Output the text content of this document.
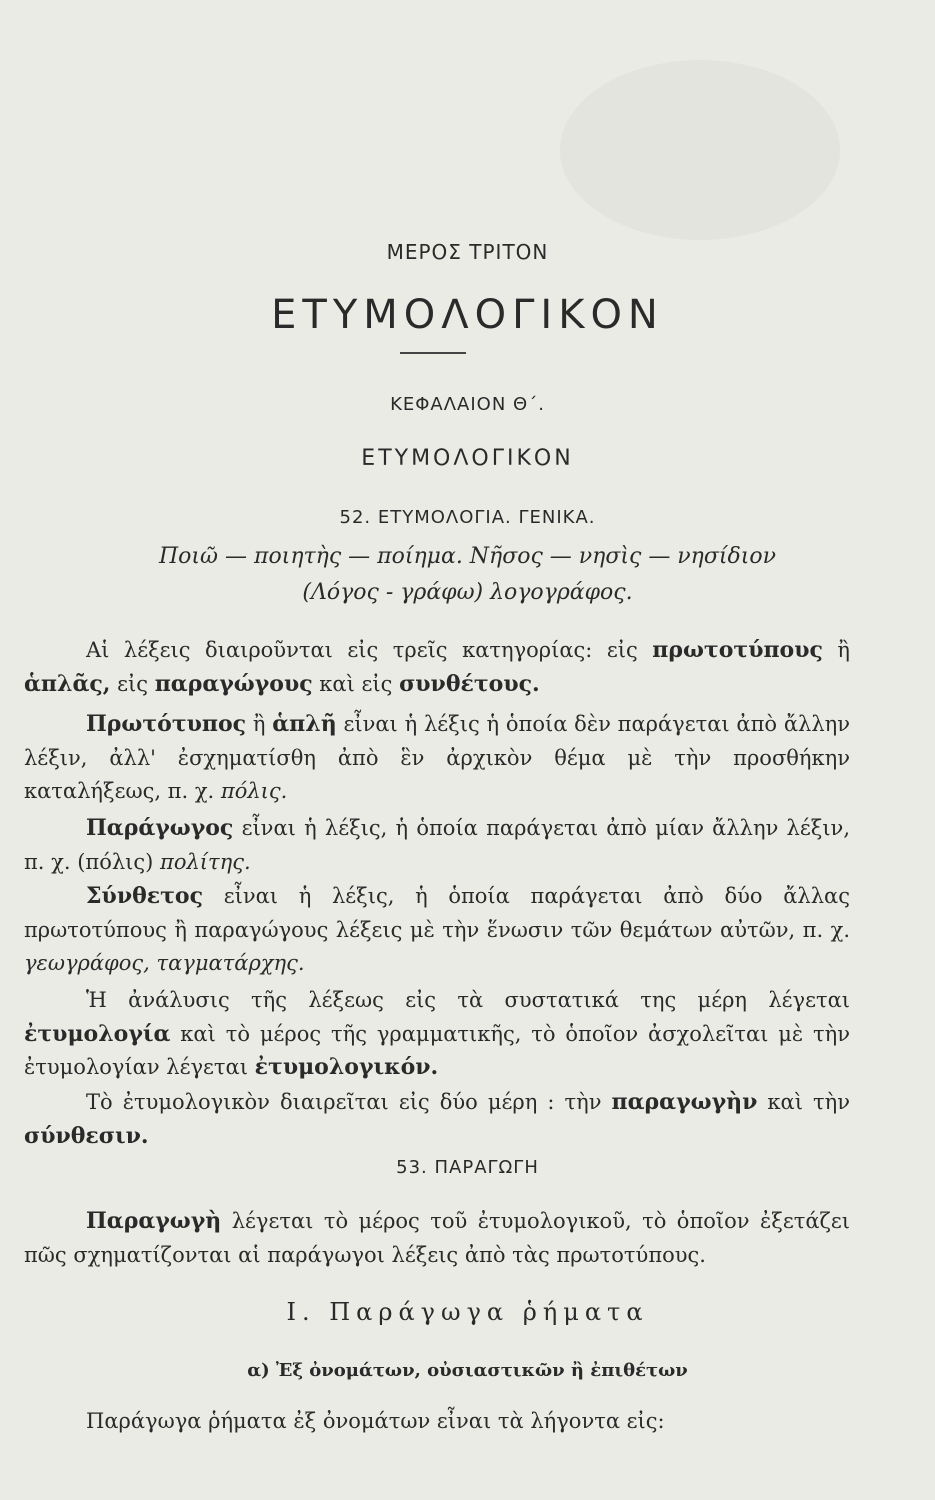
ΜΕΡΟΣ ΤΡΙΤΟΝ
ΕΤΥΜΟΛΟΓΙΚΟΝ
ΚΕΦΑΛΑΙΟΝ Θ΄.
ΕΤΥΜΟΛΟΓΙΚΟΝ
52. ΕΤΥΜΟΛΟΓΙΑ. ΓΕΝΙΚΑ.
Ποιῶ — ποιητὴς — ποίημα. Νῆσος — νησὶς — νησίδιον
(Λόγος - γράφω) λογογράφος.
Αἱ λέξεις διαιροῦνται εἰς τρεῖς κατηγορίας: εἰς πρωτοτύπους ἢ ἁπλᾶς, εἰς παραγώγους καὶ εἰς συνθέτους.
Πρωτότυπος ἢ ἁπλῆ εἶναι ἡ λέξις ἡ ὁποία δὲν παράγεται ἀπὸ ἄλλην λέξιν, ἀλλ' ἐσχηματίσθη ἀπὸ ἓν ἀρχικὸν θέμα μὲ τὴν προσθήκην καταλήξεως, π. χ. πόλις.
Παράγωγος εἶναι ἡ λέξις, ἡ ὁποία παράγεται ἀπὸ μίαν ἄλλην λέξιν, π. χ. (πόλις) πολίτης.
Σύνθετος εἶναι ἡ λέξις, ἡ ὁποία παράγεται ἀπὸ δύο ἄλλας πρωτοτύπους ἢ παραγώγους λέξεις μὲ τὴν ἕνωσιν τῶν θεμάτων αὐτῶν, π. χ. γεωγράφος, ταγματάρχης.
Ἡ ἀνάλυσις τῆς λέξεως εἰς τὰ συστατικά της μέρη λέγεται ἐτυμολογία καὶ τὸ μέρος τῆς γραμματικῆς, τὸ ὁποῖον ἀσχολεῖται μὲ τὴν ἐτυμολογίαν λέγεται ἐτυμολογικόν.
Τὸ ἐτυμολογικὸν διαιρεῖται εἰς δύο μέρη : τὴν παραγωγὴν καὶ τὴν σύνθεσιν.
53. ΠΑΡΑΓΩΓΗ
Παραγωγὴ λέγεται τὸ μέρος τοῦ ἐτυμολογικοῦ, τὸ ὁποῖον ἐξετάζει πῶς σχηματίζονται αἱ παράγωγοι λέξεις ἀπὸ τὰς πρωτοτύπους.
Ι. Παράγωγα ῥήματα
α) Ἐξ ὀνομάτων, οὐσιαστικῶν ἢ ἐπιθέτων
Παράγωγα ῥήματα ἐξ ὀνομάτων εἶναι τὰ λήγοντα εἰς:
